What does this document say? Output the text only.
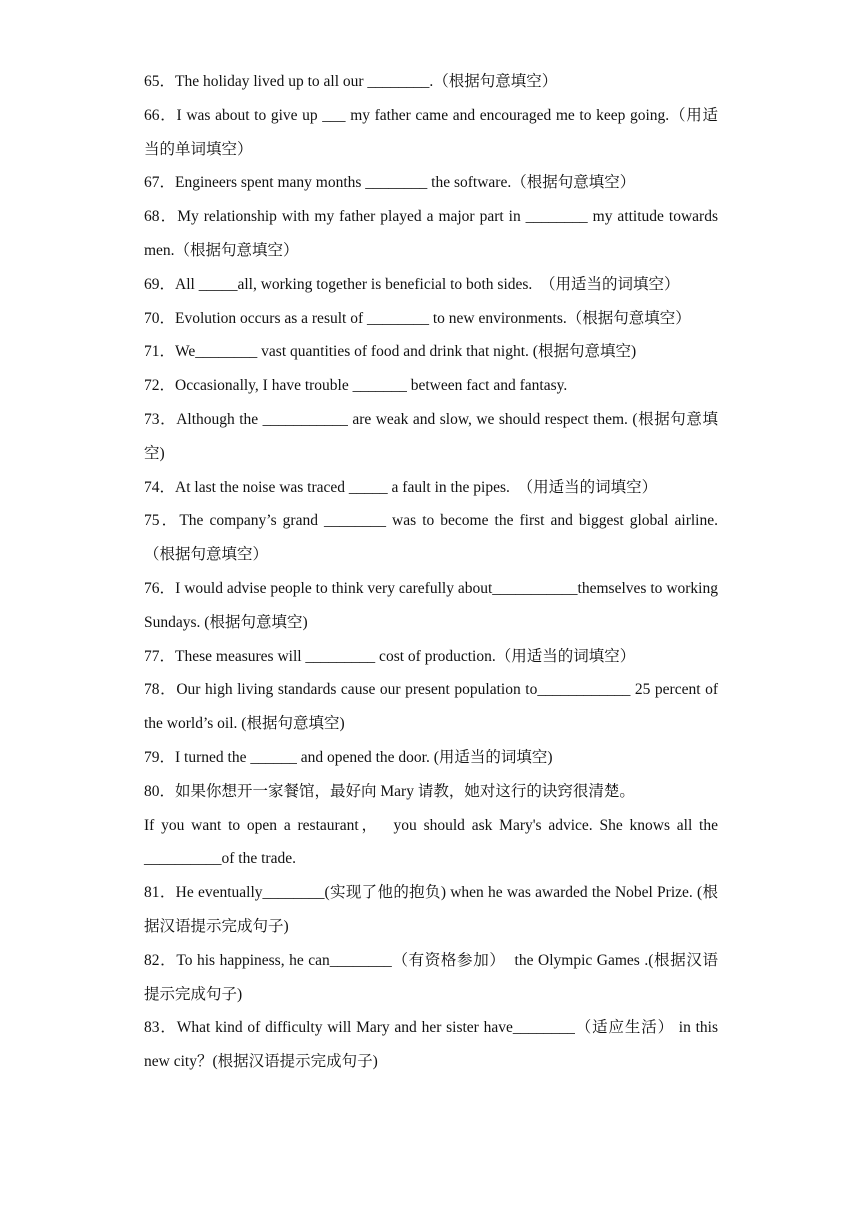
65．The holiday lived up to all our ________.（根据句意填空）

66．I was about to give up ___ my father came and encouraged me to keep going.（用适当的单词填空）

67．Engineers spent many months ________ the software.（根据句意填空）

68．My relationship with my father played a major part in ________ my attitude towards men.（根据句意填空）

69．All _____all, working together is beneficial to both sides.  （用适当的词填空）

70．Evolution occurs as a result of ________ to new environments.（根据句意填空）

71．We________ vast quantities of food and drink that night. (根据句意填空)

72．Occasionally, I have trouble _______ between fact and fantasy.

73．Although the ___________ are weak and slow, we should respect them. (根据句意填空)

74．At last the noise was traced _____ a fault in the pipes.  （用适当的词填空）

75．The company’s grand ________ was to become the first and biggest global airline.（根据句意填空）

76．I would advise people to think very carefully about___________themselves to working Sundays. (根据句意填空)

77．These measures will _________ cost of production.（用适当的词填空）

78．Our high living standards cause our present population to____________ 25 percent of the world’s oil. (根据句意填空)

79．I turned the ______ and opened the door. (用适当的词填空)

80．如果你想开一家餐馆，最好向 Mary 请教，她对这行的诀窍很清楚。

If you want to open a restaurant，  you should ask Mary's advice. She knows all the __________of the trade.

81．He eventually________(实现了他的抱负) when he was awarded the Nobel Prize. (根据汉语提示完成句子)

82．To his happiness, he can________（有资格参加）  the Olympic Games .(根据汉语提示完成句子)

83．What kind of difficulty will Mary and her sister have________（适应生活） in this new city？(根据汉语提示完成句子)
